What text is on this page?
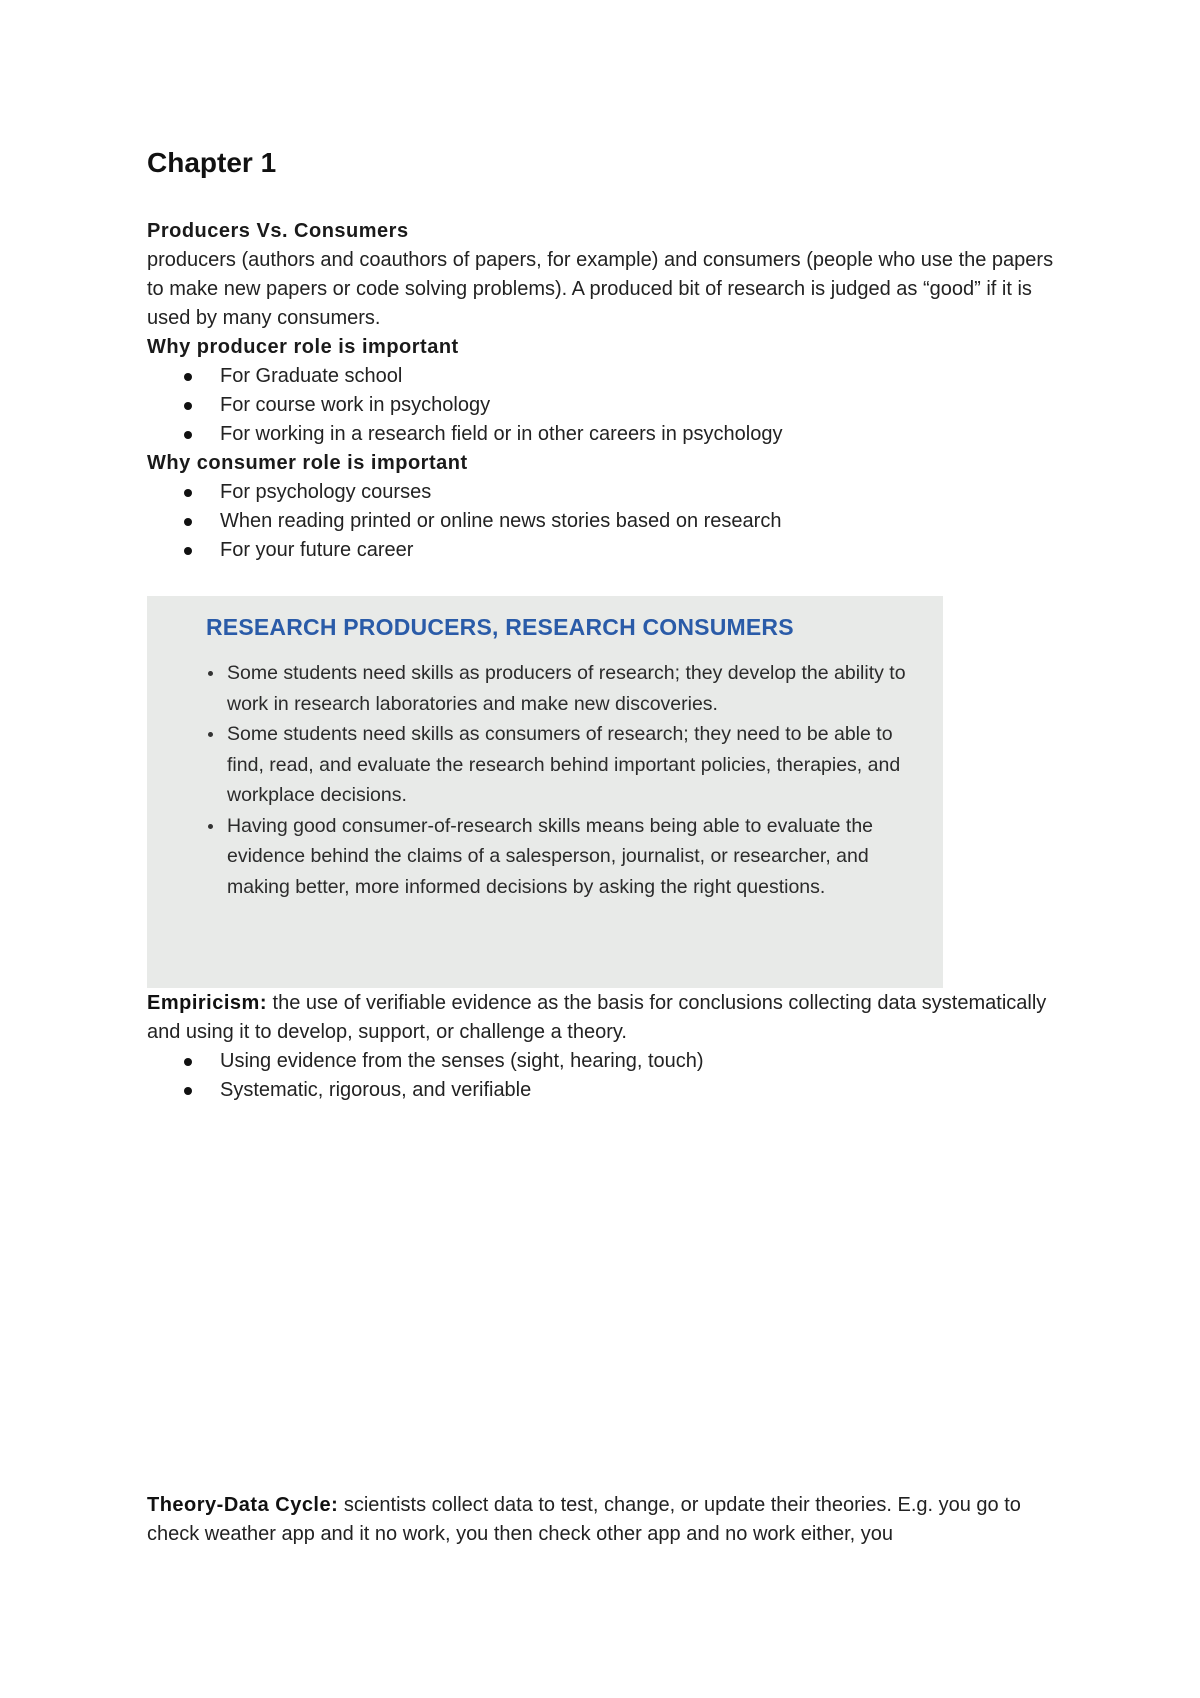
Chapter 1

Producers Vs. Consumers

producers (authors and coauthors of papers, for example) and consumers (people who use the papers to make new papers or code solving problems). A produced bit of research is judged as “good” if it is used by many consumers.

Why producer role is important

For Graduate school
For course work in psychology
For working in a research field or in other careers in psychology

Why consumer role is important

For psychology courses
When reading printed or online news stories based on research
For your future career
RESEARCH PRODUCERS, RESEARCH CONSUMERS
Some students need skills as producers of research; they develop the ability to work in research laboratories and make new discoveries.
Some students need skills as consumers of research; they need to be able to find, read, and evaluate the research behind important policies, therapies, and workplace decisions.
Having good consumer-of-research skills means being able to evaluate the evidence behind the claims of a salesperson, journalist, or researcher, and making better, more informed decisions by asking the right questions.

Empiricism: the use of verifiable evidence as the basis for conclusions collecting data systematically and using it to develop, support, or challenge a theory.

Using evidence from the senses (sight, hearing, touch)
Systematic, rigorous, and verifiable

Theory-Data Cycle: scientists collect data to test, change, or update their theories. E.g. you go to check weather app and it no work, you then check other app and no work either, you
